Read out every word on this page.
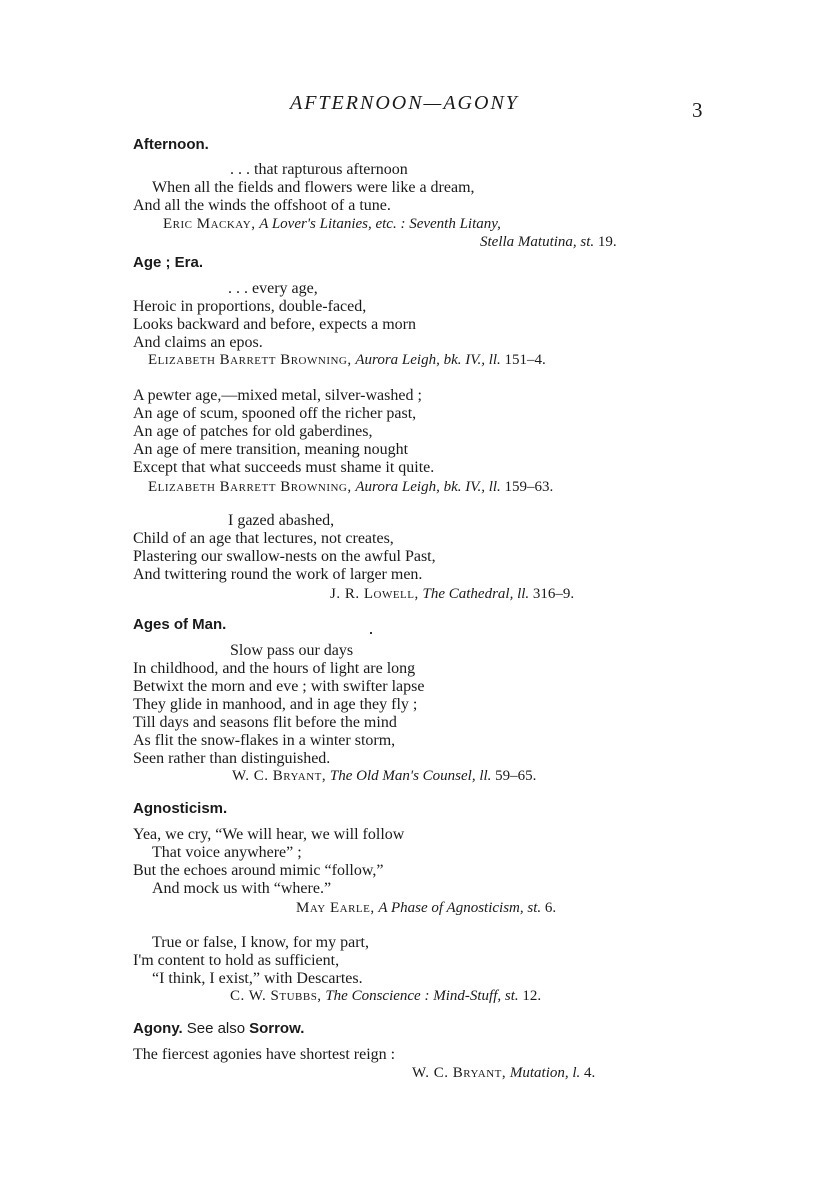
AFTERNOON—AGONY	3
Afternoon.
. . . that rapturous afternoon
When all the fields and flowers were like a dream,
And all the winds the offshoot of a tune.
Eric Mackay, A Lover's Litanies, etc. : Seventh Litany,
Stella Matutina, st. 19.
Age ; Era.
. . . every age,
Heroic in proportions, double-faced,
Looks backward and before, expects a morn
And claims an epos.
Elizabeth Barrett Browning, Aurora Leigh, bk. IV., ll. 151–4.
A pewter age,—mixed metal, silver-washed ;
An age of scum, spooned off the richer past,
An age of patches for old gaberdines,
An age of mere transition, meaning nought
Except that what succeeds must shame it quite.
Elizabeth Barrett Browning, Aurora Leigh, bk. IV., ll. 159–63.
I gazed abashed,
Child of an age that lectures, not creates,
Plastering our swallow-nests on the awful Past,
And twittering round the work of larger men.
J. R. Lowell, The Cathedral, ll. 316–9.
Ages of Man.
Slow pass our days
In childhood, and the hours of light are long
Betwixt the morn and eve ; with swifter lapse
They glide in manhood, and in age they fly ;
Till days and seasons flit before the mind
As flit the snow-flakes in a winter storm,
Seen rather than distinguished.
W. C. Bryant, The Old Man's Counsel, ll. 59–65.
Agnosticism.
Yea, we cry, “We will hear, we will follow
That voice anywhere” ;
But the echoes around mimic “follow,”
And mock us with “where.”
May Earle, A Phase of Agnosticism, st. 6.
True or false, I know, for my part,
I'm content to hold as sufficient,
“I think, I exist,” with Descartes.
C. W. Stubbs, The Conscience : Mind-Stuff, st. 12.
Agony. See also Sorrow.
The fiercest agonies have shortest reign :
W. C. Bryant, Mutation, l. 4.
